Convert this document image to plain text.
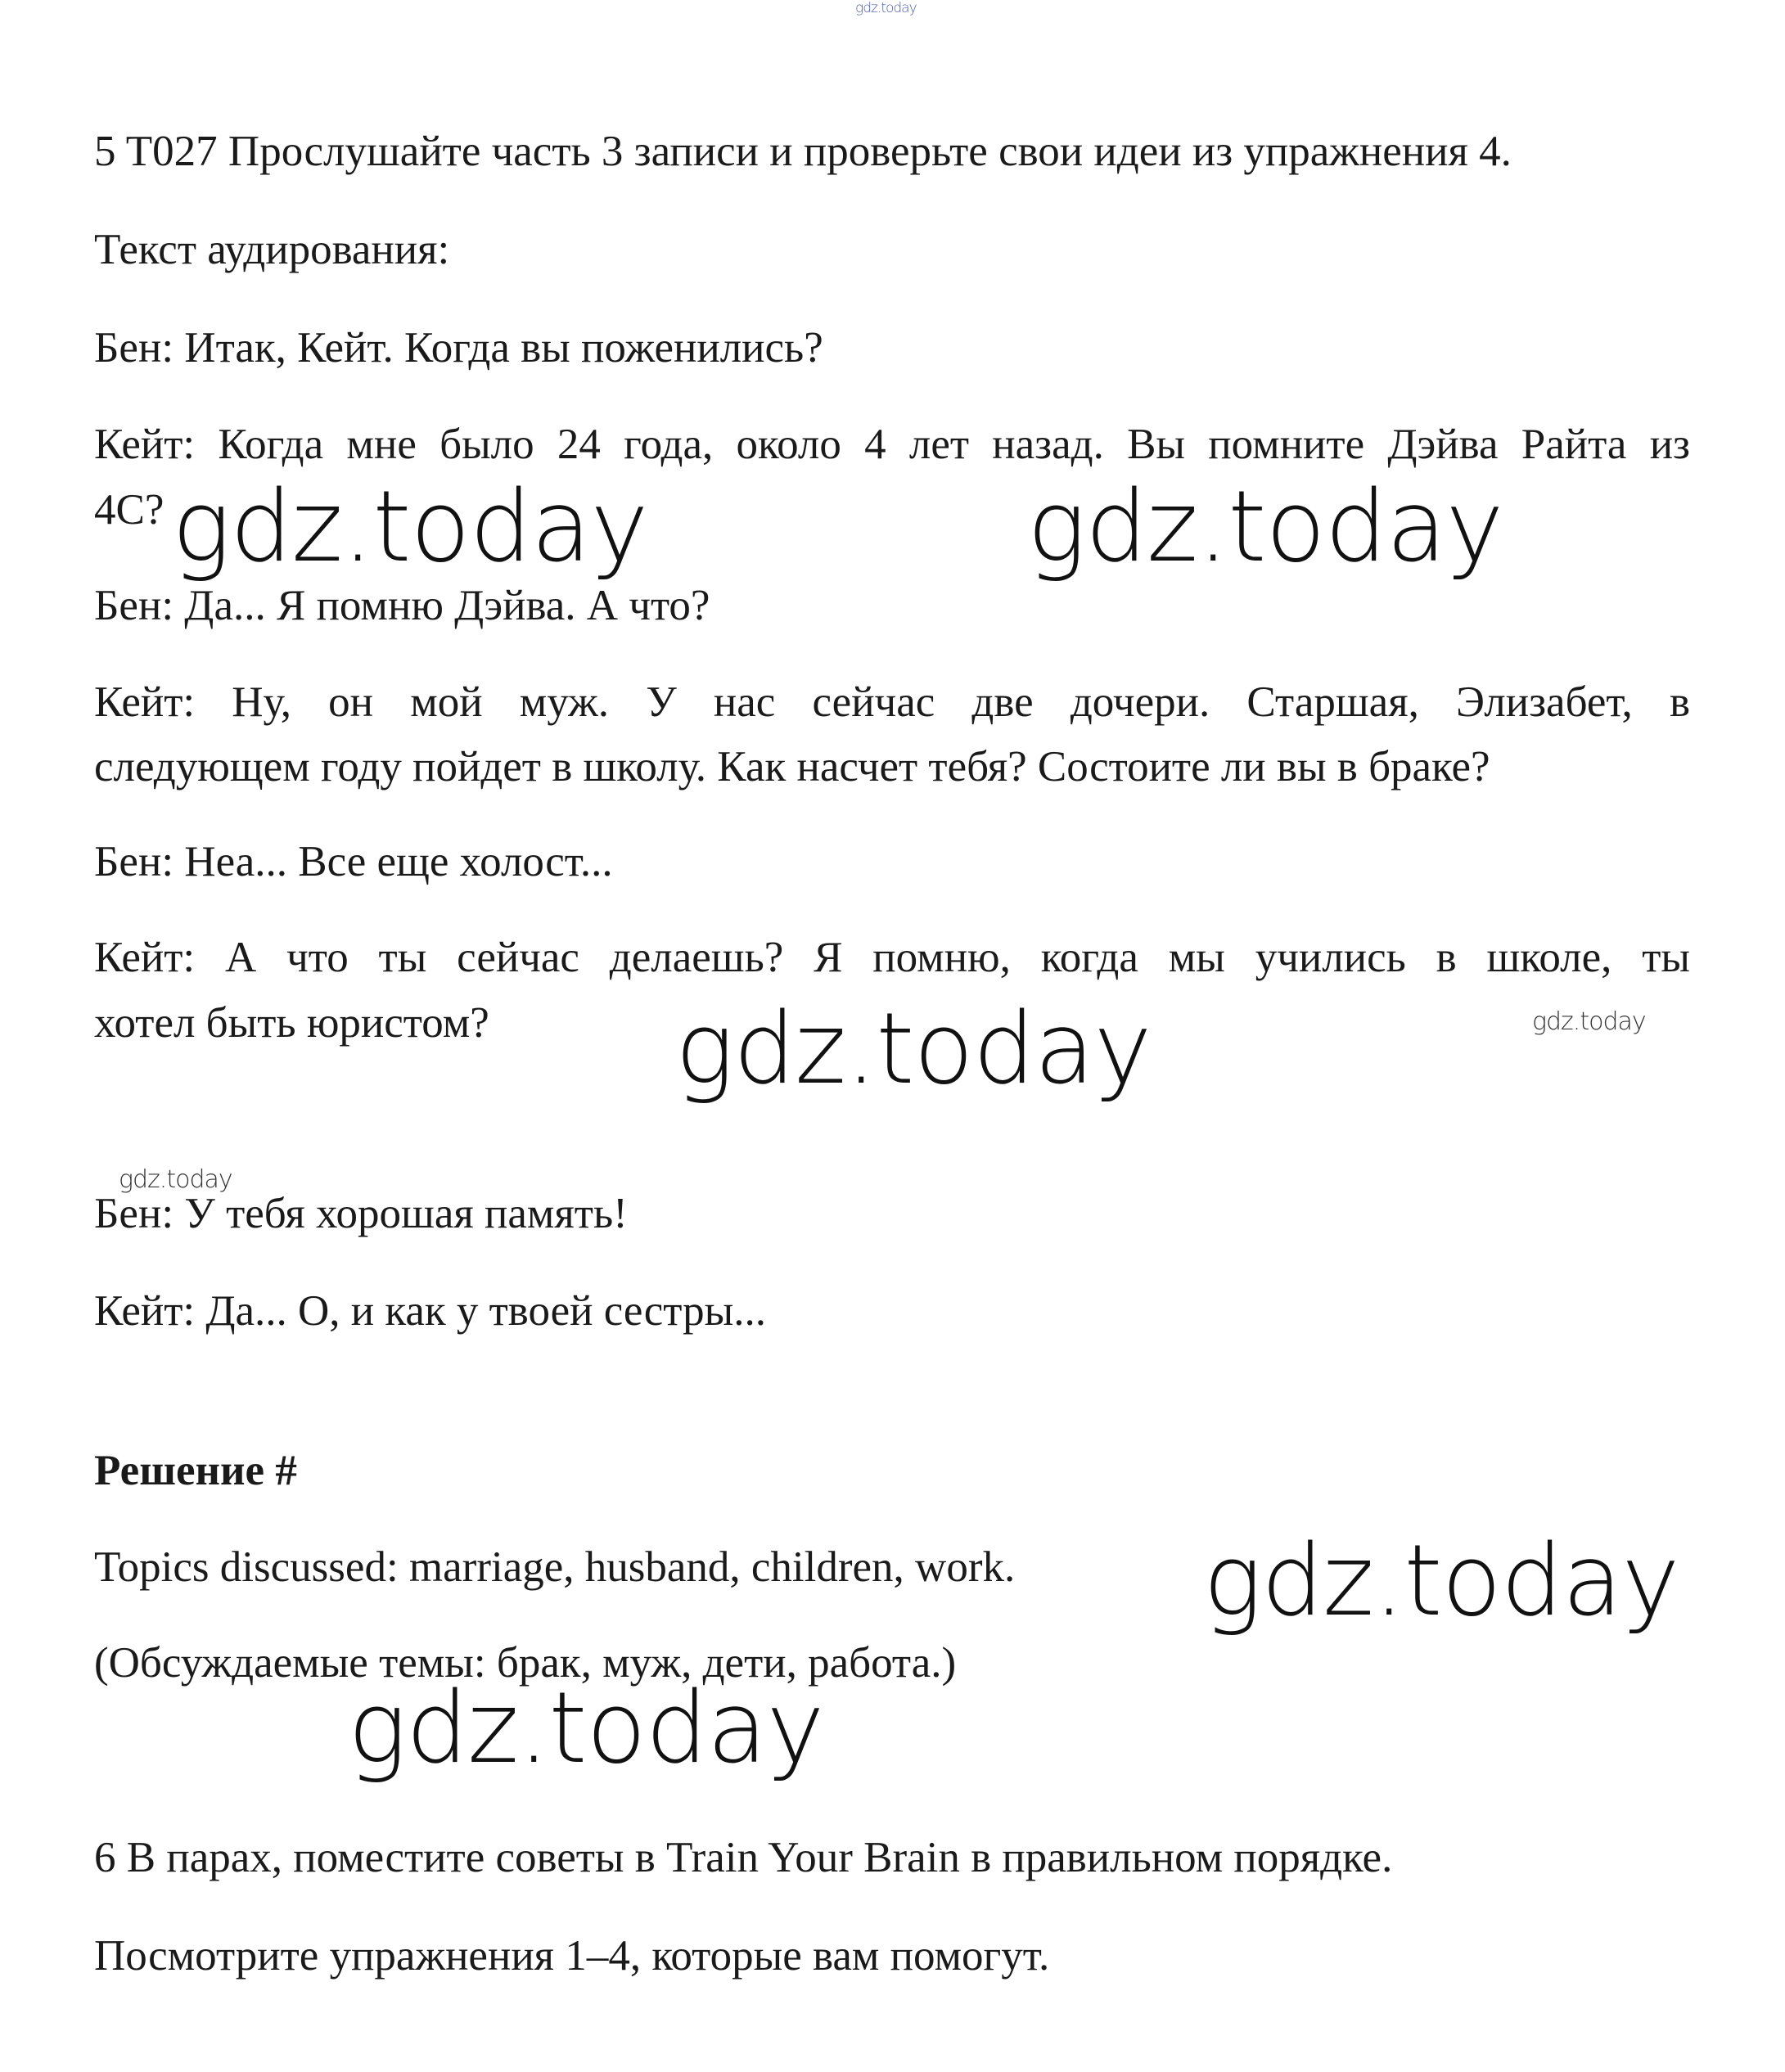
gdz.today
gdz.today	gdz.today
gdz.today	gdz.today
gdz.today
gdz.today
gdz.today
5 T027 Прослушайте часть 3 записи и проверьте свои идеи из упражнения 4.
Текст аудирования:
Бен: Итак, Кейт. Когда вы поженились?
Кейт: Когда мне было 24 года, около 4 лет назад. Вы помните Дэйва Райта из
4С?
Бен: Да... Я помню Дэйва. А что?
Кейт: Ну, он мой муж. У нас сейчас две дочери. Старшая, Элизабет, в
следующем году пойдет в школу. Как насчет тебя? Состоите ли вы в браке?
Бен: Неа... Все еще холост...
Кейт: А что ты сейчас делаешь? Я помню, когда мы учились в школе, ты
хотел быть юристом?
Бен: У тебя хорошая память!
Кейт: Да... О, и как у твоей сестры...
Решение #
Topics discussed: marriage, husband, children, work.
(Обсуждаемые темы: брак, муж, дети, работа.)
6 В парах, поместите советы в Train Your Brain в правильном порядке.
Посмотрите упражнения 1–4, которые вам помогут.
